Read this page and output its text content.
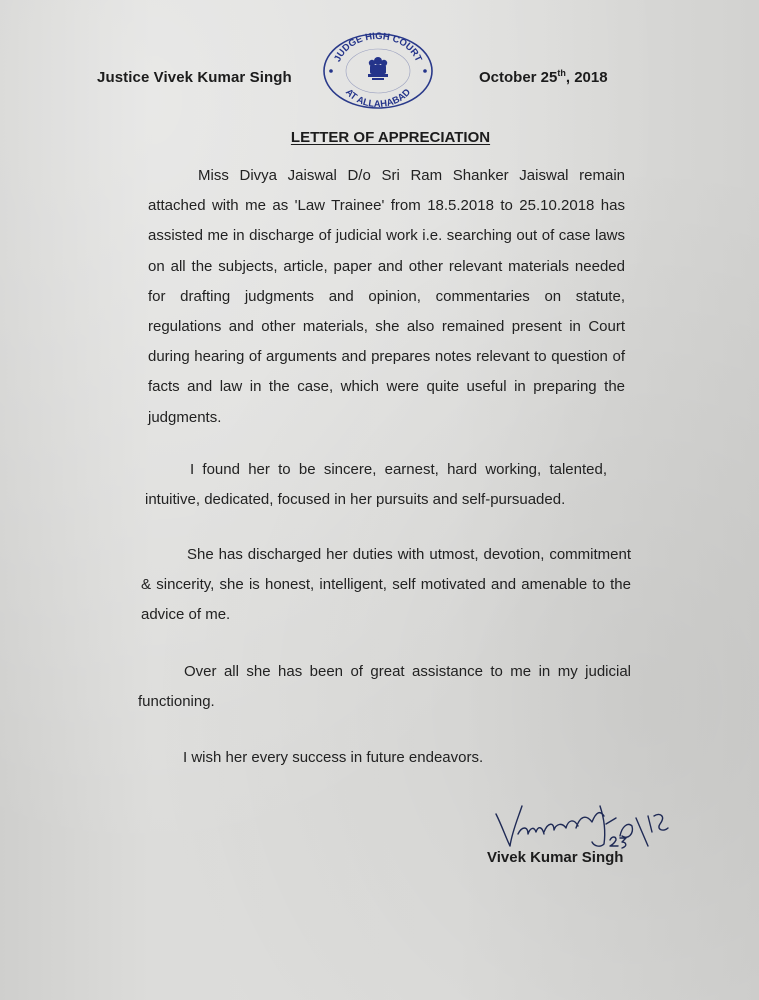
Justice Vivek Kumar Singh
JUDGE HIGH COURT
AT ALLAHABAD
October 25th, 2018
LETTER OF APPRECIATION
Miss Divya Jaiswal D/o Sri Ram Shanker Jaiswal remain attached with me as 'Law Trainee' from 18.5.2018 to 25.10.2018 has assisted me in discharge of judicial work i.e. searching out of case laws on all the subjects, article, paper and other relevant materials needed for drafting judgments and opinion, commentaries on statute, regulations and other materials, she also remained present in Court during hearing of arguments and prepares notes relevant to question of facts and law in the case, which were quite useful in preparing the judgments.
I found her to be sincere, earnest, hard working, talented, intuitive, dedicated, focused in her pursuits and self-pursuaded.
She has discharged her duties with utmost, devotion, commitment & sincerity, she is honest, intelligent, self motivated and amenable to the advice of me.
Over all she has been of great assistance to me in my judicial functioning.
I wish her every success in future endeavors.
Vivek Kumar Singh
